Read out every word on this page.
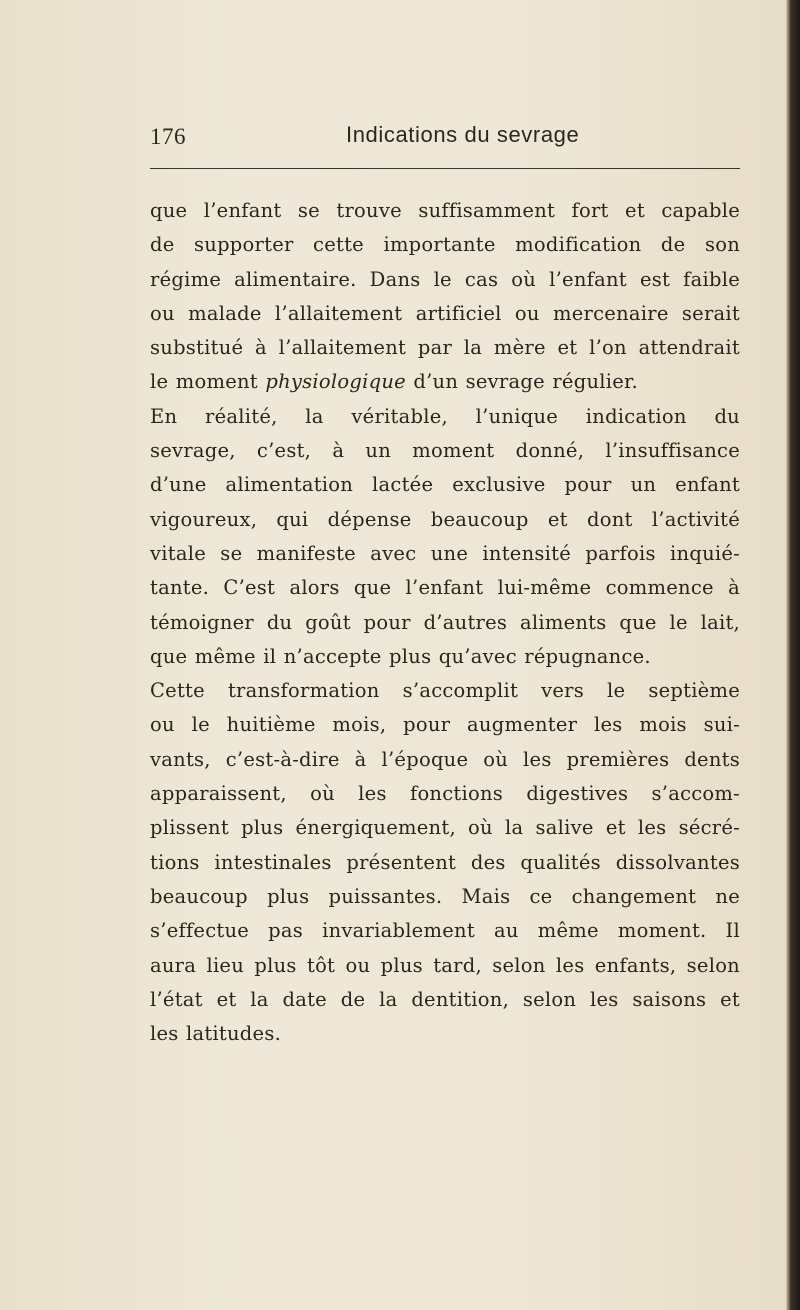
176	Indications du sevrage
que l’enfant se trouve suffisamment fort et capable
de supporter cette importante modification de son
régime alimentaire. Dans le cas où l’enfant est faible
ou malade l’allaitement artificiel ou mercenaire serait
substitué à l’allaitement par la mère et l’on attendrait
le moment physiologique d’un sevrage régulier.
En réalité, la véritable, l’unique indication du
sevrage, c’est, à un moment donné, l’insuffisance
d’une alimentation lactée exclusive pour un enfant
vigoureux, qui dépense beaucoup et dont l’activité
vitale se manifeste avec une intensité parfois inquié-
tante. C’est alors que l’enfant lui-même commence à
témoigner du goût pour d’autres aliments que le lait,
que même il n’accepte plus qu’avec répugnance.
Cette transformation s’accomplit vers le septième
ou le huitième mois, pour augmenter les mois sui-
vants, c’est-à-dire à l’époque où les premières dents
apparaissent, où les fonctions digestives s’accom-
plissent plus énergiquement, où la salive et les sécré-
tions intestinales présentent des qualités dissolvantes
beaucoup plus puissantes. Mais ce changement ne
s’effectue pas invariablement au même moment. Il
aura lieu plus tôt ou plus tard, selon les enfants, selon
l’état et la date de la dentition, selon les saisons et
les latitudes.
